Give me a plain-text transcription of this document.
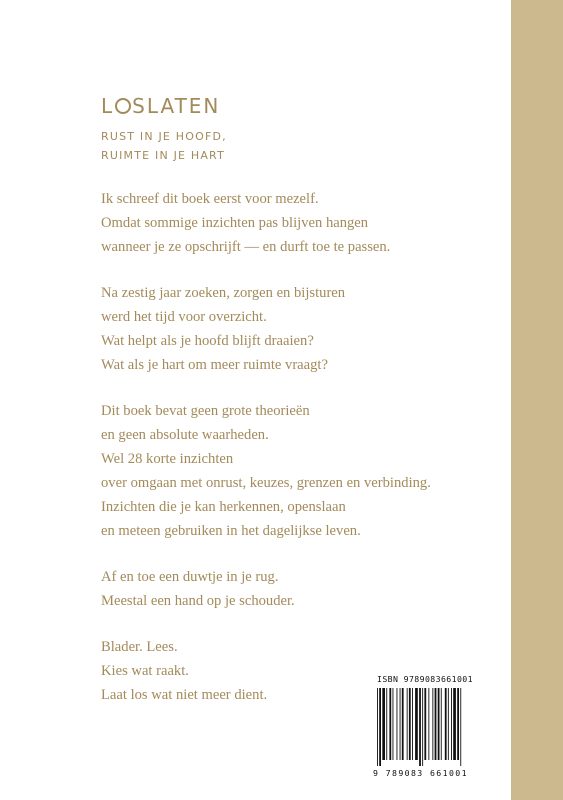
L SLATEN
RUST IN JE HOOFD,
RUIMTE IN JE HART
Ik schreef dit boek eerst voor mezelf.
Omdat sommige inzichten pas blijven hangen
wanneer je ze opschrijft — en durft toe te passen.
Na zestig jaar zoeken, zorgen en bijsturen
werd het tijd voor overzicht.
Wat helpt als je hoofd blijft draaien?
Wat als je hart om meer ruimte vraagt?
Dit boek bevat geen grote theorieën
en geen absolute waarheden.
Wel 28 korte inzichten
over omgaan met onrust, keuzes, grenzen en verbinding.
Inzichten die je kan herkennen, openslaan
en meteen gebruiken in het dagelijkse leven.
Af en toe een duwtje in je rug.
Meestal een hand op je schouder.
Blader. Lees.
Kies wat raakt.
Laat los wat niet meer dient.
ISBN 9789083661001
9 789083 661001
